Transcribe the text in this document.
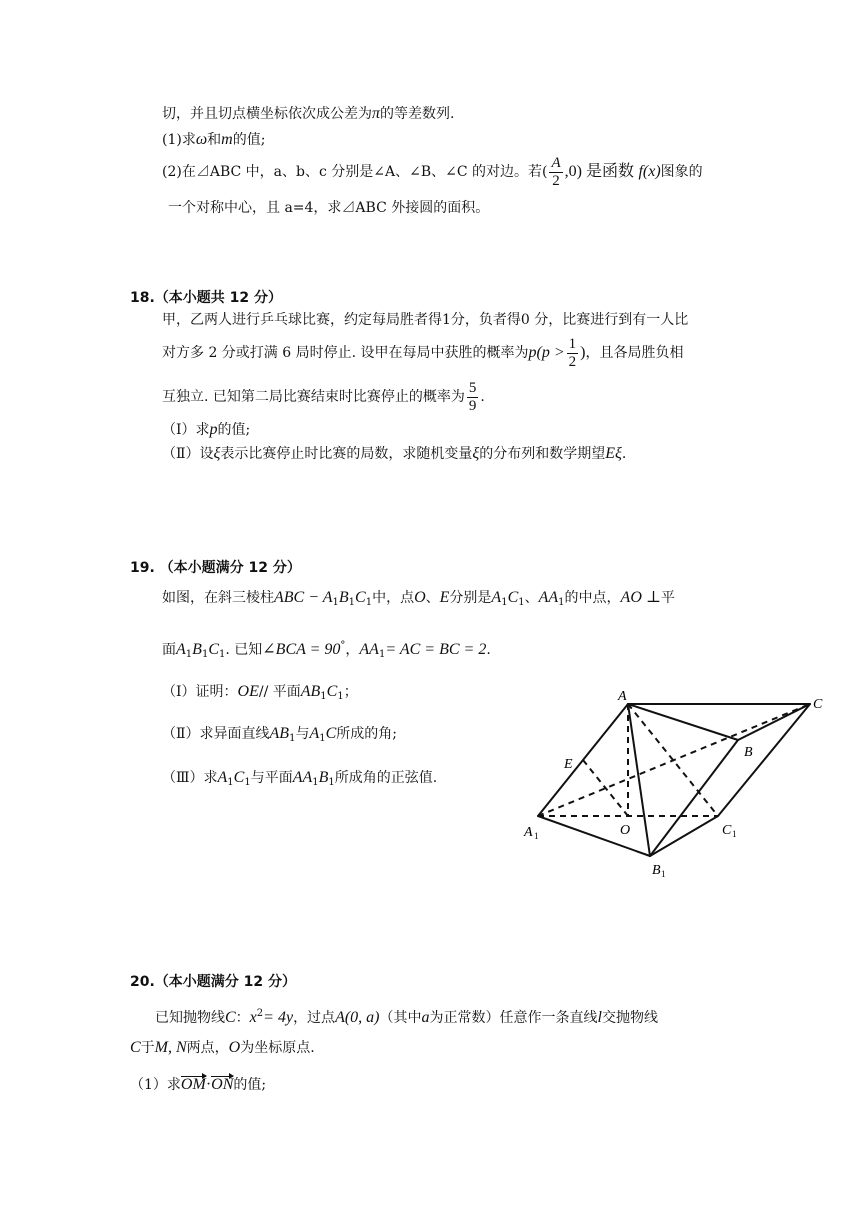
切，并且切点横坐标依次成公差为π的等差数列.
(1)求ω和m的值;
(2)在⊿ABC 中，a、b、c 分别是∠A、∠B、∠C 的对边。若( $\frac{A}{2} ,0$) 是函数 f(x)图象的
一个对称中心，且 a=4，求⊿ABC 外接圆的面积。
18.（本小题共 12 分）
甲，乙两人进行乒乓球比赛，约定每局胜者得1分，负者得0 分，比赛进行到有一人比
对方多 2 分或打满 6 局时停止. 设甲在每局中获胜的概率为$p(p > \frac{1}{2}$ )，且各局胜负相
互独立. 已知第二局比赛结束时比赛停止的概率为 $\frac{5}{9}$ .
（Ⅰ）求p的值;
（Ⅱ）设ξ表示比赛停止时比赛的局数，求随机变量ξ的分布列和数学期望Eξ.
19. （本小题满分 12 分）
如图，在斜三棱柱ABC − $A_1B_1C_1$中，点O、E分别是$A_1C_1$、$AA_1$的中点，AO ⊥平
面$A_1B_1C_1$. 已知∠BCA = 90°，$AA_1=$ AC = BC = 2.
（Ⅰ）证明：OE// 平面$AB_1C_1$；
（Ⅱ）求异面直线$AB_1$与$A_1C$所成的角;
（Ⅲ）求$A_1C_1$与平面$AA_1B_1$所成角的正弦值.
A
C
B
E
O
A 1	C 1
B 1
20.（本小题满分 12 分）
已知抛物线C：$x^2= 4y$，过点A(0, a)（其中a为正常数）任意作一条直线l交抛物线
C于M, N两点，O为坐标原点.
（1）求OM·ON的值;
